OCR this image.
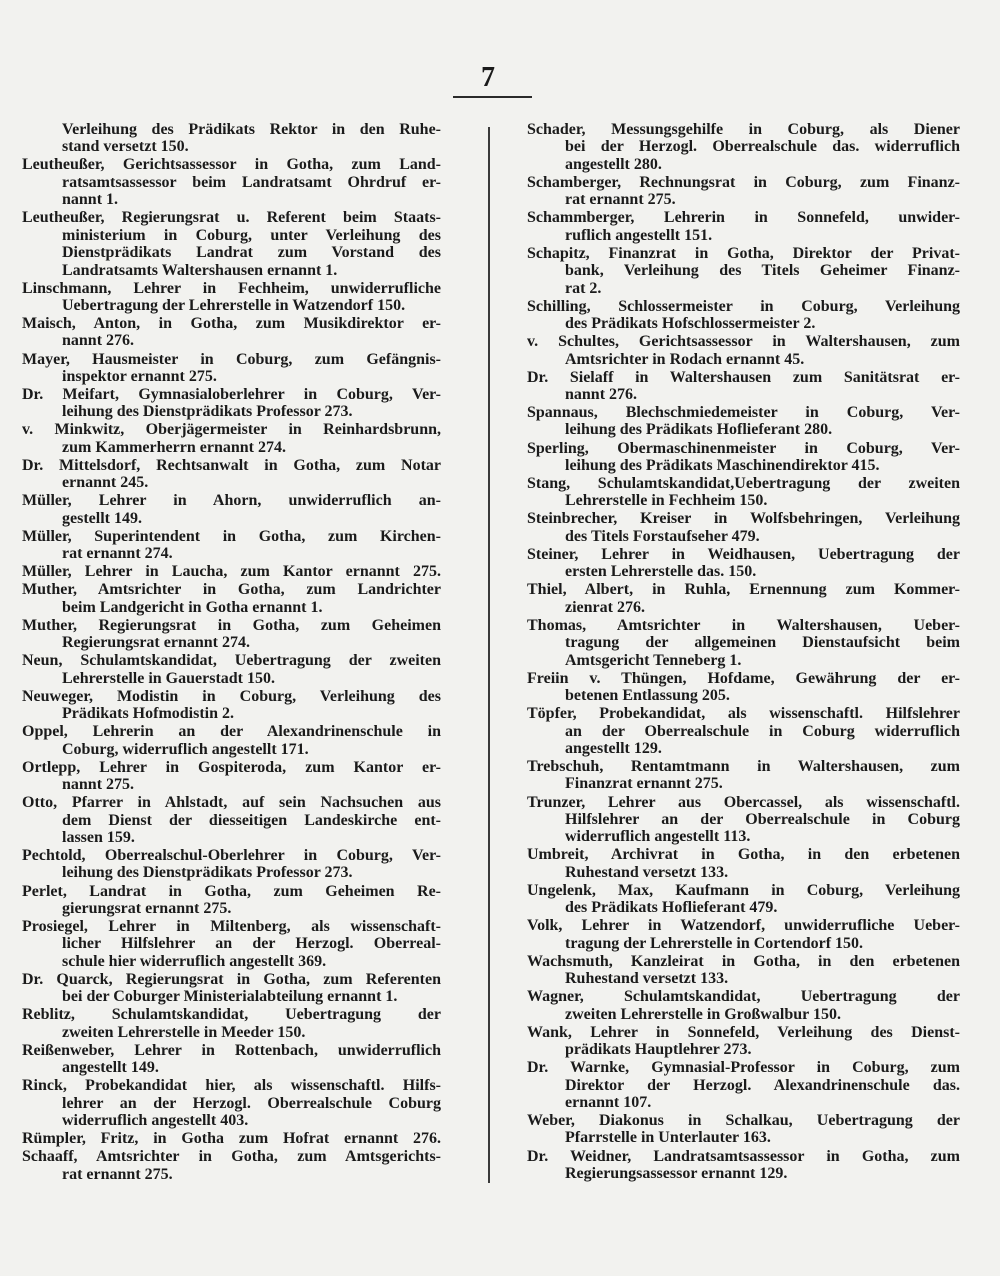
7
Verleihung des Prädikats Rektor in den Ruhe-
stand versetzt 150.
Leutheußer, Gerichtsassessor in Gotha, zum Land-
ratsamtsassessor beim Landratsamt Ohrdruf er-
nannt 1.
Leutheußer, Regierungsrat u. Referent beim Staats-
ministerium in Coburg, unter Verleihung des
Dienstprädikats Landrat zum Vorstand des
Landratsamts Waltershausen ernannt 1.
Linschmann, Lehrer in Fechheim, unwiderrufliche
Uebertragung der Lehrerstelle in Watzendorf 150.
Maisch, Anton, in Gotha, zum Musikdirektor er-
nannt 276.
Mayer, Hausmeister in Coburg, zum Gefängnis-
inspektor ernannt 275.
Dr. Meifart, Gymnasialoberlehrer in Coburg, Ver-
leihung des Dienstprädikats Professor 273.
v. Minkwitz, Oberjägermeister in Reinhardsbrunn,
zum Kammerherrn ernannt 274.
Dr. Mittelsdorf, Rechtsanwalt in Gotha, zum Notar
ernannt 245.
Müller, Lehrer in Ahorn, unwiderruflich an-
gestellt 149.
Müller, Superintendent in Gotha, zum Kirchen-
rat ernannt 274.
Müller, Lehrer in Laucha, zum Kantor ernannt 275.
Muther, Amtsrichter in Gotha, zum Landrichter
beim Landgericht in Gotha ernannt 1.
Muther, Regierungsrat in Gotha, zum Geheimen
Regierungsrat ernannt 274.
Neun, Schulamtskandidat, Uebertragung der zweiten
Lehrerstelle in Gauerstadt 150.
Neuweger, Modistin in Coburg, Verleihung des
Prädikats Hofmodistin 2.
Oppel, Lehrerin an der Alexandrinenschule in
Coburg, widerruflich angestellt 171.
Ortlepp, Lehrer in Gospiteroda, zum Kantor er-
nannt 275.
Otto, Pfarrer in Ahlstadt, auf sein Nachsuchen aus
dem Dienst der diesseitigen Landeskirche ent-
lassen 159.
Pechtold, Oberrealschul-Oberlehrer in Coburg, Ver-
leihung des Dienstprädikats Professor 273.
Perlet, Landrat in Gotha, zum Geheimen Re-
gierungsrat ernannt 275.
Prosiegel, Lehrer in Miltenberg, als wissenschaft-
licher Hilfslehrer an der Herzogl. Oberreal-
schule hier widerruflich angestellt 369.
Dr. Quarck, Regierungsrat in Gotha, zum Referenten
bei der Coburger Ministerialabteilung ernannt 1.
Reblitz, Schulamtskandidat, Uebertragung der
zweiten Lehrerstelle in Meeder 150.
Reißenweber, Lehrer in Rottenbach, unwiderruflich
angestellt 149.
Rinck, Probekandidat hier, als wissenschaftl. Hilfs-
lehrer an der Herzogl. Oberrealschule Coburg
widerruflich angestellt 403.
Rümpler, Fritz, in Gotha zum Hofrat ernannt 276.
Schaaff, Amtsrichter in Gotha, zum Amtsgerichts-
rat ernannt 275.
Schader, Messungsgehilfe in Coburg, als Diener
bei der Herzogl. Oberrealschule das. widerruflich
angestellt 280.
Schamberger, Rechnungsrat in Coburg, zum Finanz-
rat ernannt 275.
Schammberger, Lehrerin in Sonnefeld, unwider-
ruflich angestellt 151.
Schapitz, Finanzrat in Gotha, Direktor der Privat-
bank, Verleihung des Titels Geheimer Finanz-
rat 2.
Schilling, Schlossermeister in Coburg, Verleihung
des Prädikats Hofschlossermeister 2.
v. Schultes, Gerichtsassessor in Waltershausen, zum
Amtsrichter in Rodach ernannt 45.
Dr. Sielaff in Waltershausen zum Sanitätsrat er-
nannt 276.
Spannaus, Blechschmiedemeister in Coburg, Ver-
leihung des Prädikats Hoflieferant 280.
Sperling, Obermaschinenmeister in Coburg, Ver-
leihung des Prädikats Maschinendirektor 415.
Stang, Schulamtskandidat,Uebertragung der zweiten
Lehrerstelle in Fechheim 150.
Steinbrecher, Kreiser in Wolfsbehringen, Verleihung
des Titels Forstaufseher 479.
Steiner, Lehrer in Weidhausen, Uebertragung der
ersten Lehrerstelle das. 150.
Thiel, Albert, in Ruhla, Ernennung zum Kommer-
zienrat 276.
Thomas, Amtsrichter in Waltershausen, Ueber-
tragung der allgemeinen Dienstaufsicht beim
Amtsgericht Tenneberg 1.
Freiin v. Thüngen, Hofdame, Gewährung der er-
betenen Entlassung 205.
Töpfer, Probekandidat, als wissenschaftl. Hilfslehrer
an der Oberrealschule in Coburg widerruflich
angestellt 129.
Trebschuh, Rentamtmann in Waltershausen, zum
Finanzrat ernannt 275.
Trunzer, Lehrer aus Obercassel, als wissenschaftl.
Hilfslehrer an der Oberrealschule in Coburg
widerruflich angestellt 113.
Umbreit, Archivrat in Gotha, in den erbetenen
Ruhestand versetzt 133.
Ungelenk, Max, Kaufmann in Coburg, Verleihung
des Prädikats Hoflieferant 479.
Volk, Lehrer in Watzendorf, unwiderrufliche Ueber-
tragung der Lehrerstelle in Cortendorf 150.
Wachsmuth, Kanzleirat in Gotha, in den erbetenen
Ruhestand versetzt 133.
Wagner, Schulamtskandidat, Uebertragung der
zweiten Lehrerstelle in Großwalbur 150.
Wank, Lehrer in Sonnefeld, Verleihung des Dienst-
prädikats Hauptlehrer 273.
Dr. Warnke, Gymnasial-Professor in Coburg, zum
Direktor der Herzogl. Alexandrinenschule das.
ernannt 107.
Weber, Diakonus in Schalkau, Uebertragung der
Pfarrstelle in Unterlauter 163.
Dr. Weidner, Landratsamtsassessor in Gotha, zum
Regierungsassessor ernannt 129.
